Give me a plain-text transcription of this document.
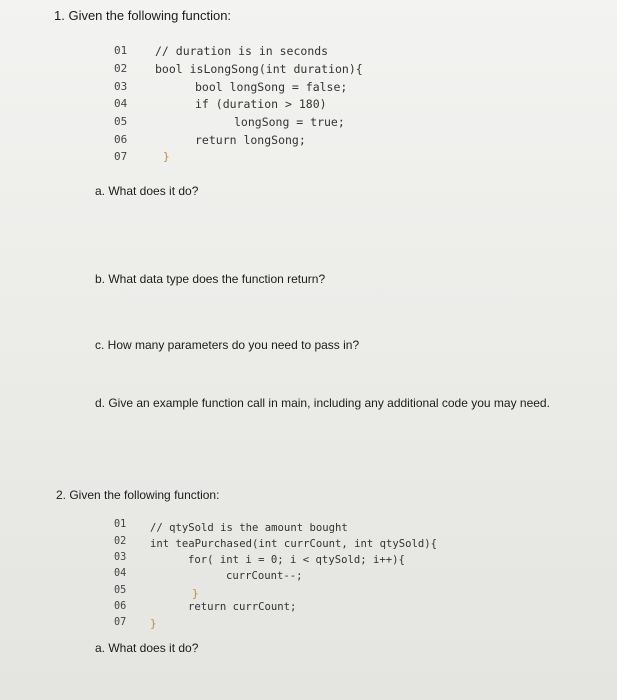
1. Given the following function:
01
02
03
04
05
06
07
// duration is in seconds
bool isLongSong(int duration){
bool longSong = false;
if (duration > 180)
longSong = true;
return longSong;
}
a. What does it do?
b. What data type does the function return?
c. How many parameters do you need to pass in?
d. Give an example function call in main, including any additional code you may need.
2. Given the following function:
01
02
03
04
05
06
07
// qtySold is the amount bought
int teaPurchased(int currCount, int qtySold){
for( int i = 0; i < qtySold; i++){
currCount--;
}
return currCount;
}
a. What does it do?
